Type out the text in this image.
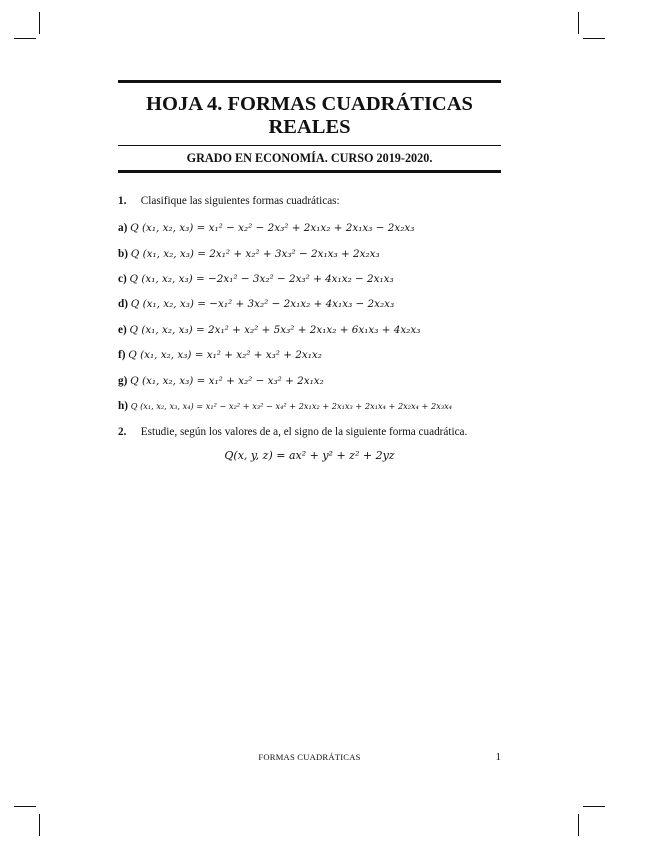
HOJA 4. FORMAS CUADRÁTICAS
REALES
GRADO EN ECONOMÍA. CURSO 2019-2020.
1. Clasifique las siguientes formas cuadráticas:
a) Q (x₁, x₂, x₃) = x₁² − x₂² − 2x₃² + 2x₁x₂ + 2x₁x₃ − 2x₂x₃
b) Q (x₁, x₂, x₃) = 2x₁² + x₂² + 3x₃² − 2x₁x₃ + 2x₂x₃
c) Q (x₁, x₂, x₃) = −2x₁² − 3x₂² − 2x₃² + 4x₁x₂ − 2x₁x₃
d) Q (x₁, x₂, x₃) = −x₁² + 3x₂² − 2x₁x₂ + 4x₁x₃ − 2x₂x₃
e) Q (x₁, x₂, x₃) = 2x₁² + x₂² + 5x₃² + 2x₁x₂ + 6x₁x₃ + 4x₂x₃
f) Q (x₁, x₂, x₃) = x₁² + x₂² + x₃² + 2x₁x₂
g) Q (x₁, x₂, x₃) = x₁² + x₂² − x₃² + 2x₁x₂
h) Q (x₁, x₂, x₃, x₄) = x₁² − x₂² + x₃² − x₄² + 2x₁x₂ + 2x₁x₃ + 2x₁x₄ + 2x₂x₄ + 2x₃x₄
2. Estudie, según los valores de a, el signo de la siguiente forma cuadrática.
Q(x, y, z) = ax² + y² + z² + 2yz
FORMAS CUADRÁTICAS	1
